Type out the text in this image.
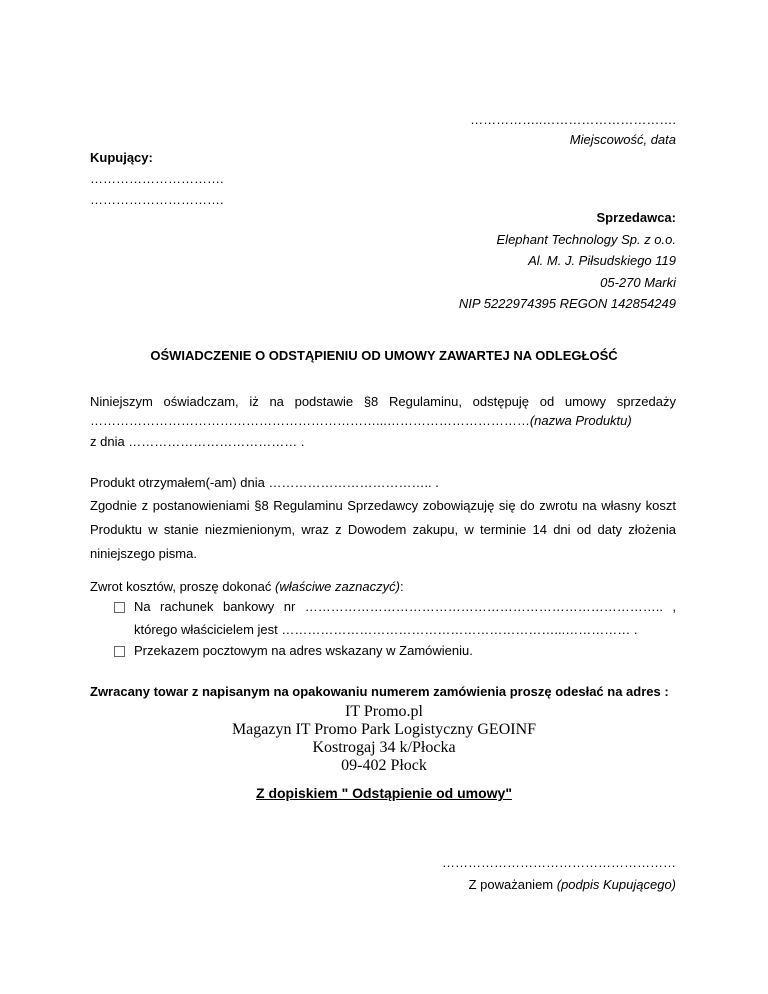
……………..………………………….
Miejscowość, data
Kupujący:
………………………….
………………………….
Sprzedawca:
Elephant Technology Sp. z o.o.
Al. M. J. Piłsudskiego 119
05-270 Marki
NIP 5222974395 REGON 142854249
OŚWIADCZENIE O ODSTĄPIENIU OD UMOWY ZAWARTEJ NA ODLEGŁOŚĆ
Niniejszym oświadczam, iż na podstawie §8 Regulaminu, odstępuję od umowy sprzedaży
…………………………………………………………...……………………………(nazwa Produktu)
z dnia ………………………………… .
Produkt otrzymałem(-am) dnia ……………………………….. .
Zgodnie z postanowieniami §8 Regulaminu Sprzedawcy zobowiązuję się do zwrotu na własny koszt Produktu w stanie niezmienionym, wraz z Dowodem zakupu, w terminie 14 dni od daty złożenia niniejszego pisma.
Zwrot kosztów, proszę dokonać (właściwe zaznaczyć):
Na rachunek bankowy nr ……………………………………………………………………….. ,
którego właścicielem jest ………………………………………………………...…………… .
Przekazem pocztowym na adres wskazany w Zamówieniu.
Zwracany towar z napisanym na opakowaniu numerem zamówienia proszę odesłać na adres :
IT Promo.pl
Magazyn IT Promo Park Logistyczny GEOINF
Kostrogaj 34 k/Płocka
09-402 Płock
Z dopiskiem " Odstąpienie od umowy"
………………………………………………
Z poważaniem (podpis Kupującego)
